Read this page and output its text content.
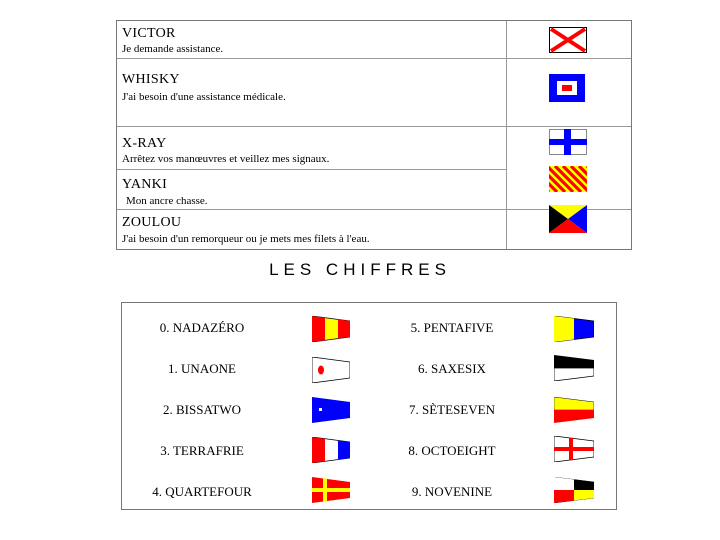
VICTOR
Je demande assistance.
WHISKY
J'ai besoin d'une assistance médicale.
X-RAY
Arrêtez vos manœuvres et veillez mes signaux.
YANKI
Mon ancre chasse.
ZOULOU
J'ai besoin d'un remorqueur ou je mets mes filets à l'eau.
LES CHIFFRES
0. NADAZÉRO	5. PENTAFIVE
1. UNAONE	6. SAXESIX
2. BISSATWO	7. SÈTESEVEN
3. TERRAFRIE	8. OCTOEIGHT
4. QUARTEFOUR	9. NOVENINE
